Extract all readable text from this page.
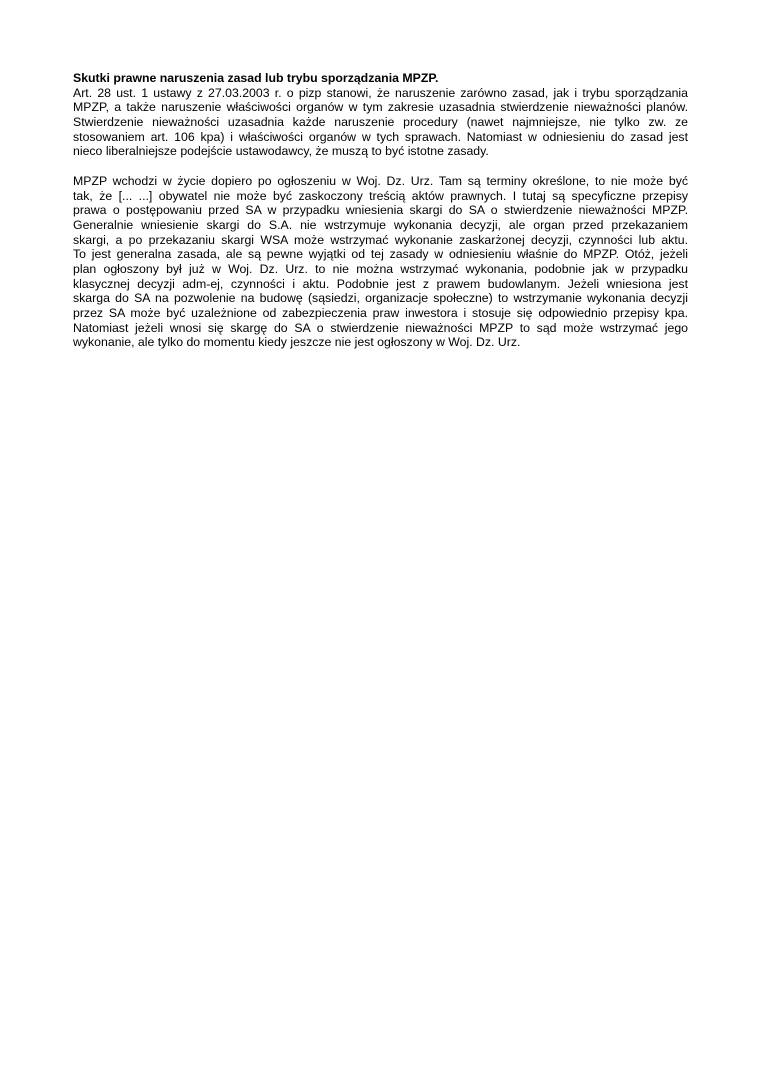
Skutki prawne naruszenia zasad lub trybu sporządzania MPZP.
Art. 28 ust. 1 ustawy z 27.03.2003 r. o pizp stanowi, że naruszenie zarówno zasad, jak i trybu sporządzania
MPZP, a także naruszenie właściwości organów w tym zakresie uzasadnia stwierdzenie nieważności planów.
Stwierdzenie nieważności uzasadnia każde naruszenie procedury (nawet najmniejsze, nie tylko zw. ze
stosowaniem art. 106 kpa) i właściwości organów w tych sprawach. Natomiast w odniesieniu do zasad jest
nieco liberalniejsze podejście ustawodawcy, że muszą to być istotne zasady.
MPZP wchodzi w życie dopiero po ogłoszeniu w Woj. Dz. Urz. Tam są terminy określone, to nie może być
tak, że [... ...] obywatel nie może być zaskoczony treścią aktów prawnych. I tutaj są specyficzne przepisy
prawa o postępowaniu przed SA w przypadku wniesienia skargi do SA o stwierdzenie nieważności MPZP.
Generalnie wniesienie skargi do S.A. nie wstrzymuje wykonania decyzji, ale organ przed przekazaniem
skargi, a po przekazaniu skargi WSA może wstrzymać wykonanie zaskarżonej decyzji, czynności lub aktu.
To jest generalna zasada, ale są pewne wyjątki od tej zasady w odniesieniu właśnie do MPZP. Otóż, jeżeli
plan ogłoszony był już w Woj. Dz. Urz. to nie można wstrzymać wykonania, podobnie jak w przypadku
klasycznej decyzji adm-ej, czynności i aktu. Podobnie jest z prawem budowlanym. Jeżeli wniesiona jest
skarga do SA na pozwolenie na budowę (sąsiedzi, organizacje społeczne) to wstrzymanie wykonania decyzji
przez SA może być uzależnione od zabezpieczenia praw inwestora i stosuje się odpowiednio przepisy kpa.
Natomiast jeżeli wnosi się skargę do SA o stwierdzenie nieważności MPZP to sąd może wstrzymać jego
wykonanie, ale tylko do momentu kiedy jeszcze nie jest ogłoszony w Woj. Dz. Urz.
